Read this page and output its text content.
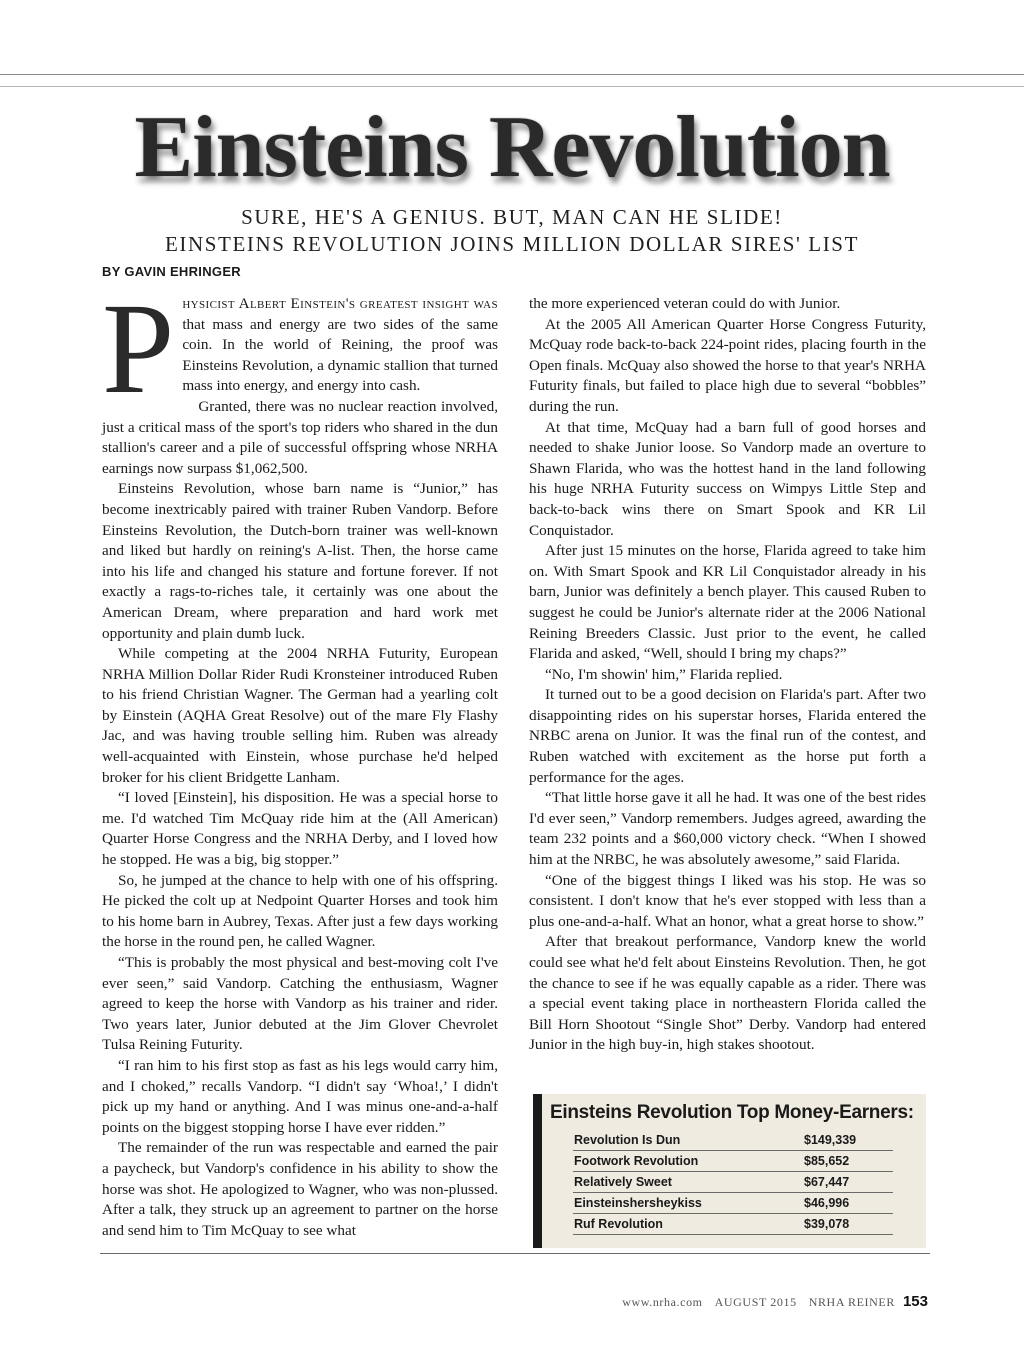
Einsteins Revolution
SURE, HE'S A GENIUS. BUT, MAN CAN HE SLIDE!
EINSTEINS REVOLUTION JOINS MILLION DOLLAR SIRES' LIST
BY GAVIN EHRINGER

Physicist Albert Einstein's greatest insight was that mass and energy are two sides of the same coin. In the world of Reining, the proof was Einsteins Revolution, a dynamic stallion that turned mass into energy, and energy into cash.

Granted, there was no nuclear reaction involved, just a critical mass of the sport's top riders who shared in the dun stallion's career and a pile of successful offspring whose NRHA earnings now surpass $1,062,500.

Einsteins Revolution, whose barn name is “Junior,” has become inextricably paired with trainer Ruben Vandorp. Before Einsteins Revolution, the Dutch-born trainer was well-known and liked but hardly on reining's A-list. Then, the horse came into his life and changed his stature and fortune forever. If not exactly a rags-to-riches tale, it certainly was one about the American Dream, where preparation and hard work met opportunity and plain dumb luck.

While competing at the 2004 NRHA Futurity, European NRHA Million Dollar Rider Rudi Kronsteiner introduced Ruben to his friend Christian Wagner. The German had a yearling colt by Einstein (AQHA Great Resolve) out of the mare Fly Flashy Jac, and was having trouble selling him. Ruben was already well-acquainted with Einstein, whose purchase he'd helped broker for his client Bridgette Lanham.

“I loved [Einstein], his disposition. He was a special horse to me. I'd watched Tim McQuay ride him at the (All American) Quarter Horse Congress and the NRHA Derby, and I loved how he stopped. He was a big, big stopper.”

So, he jumped at the chance to help with one of his offspring. He picked the colt up at Nedpoint Quarter Horses and took him to his home barn in Aubrey, Texas. After just a few days working the horse in the round pen, he called Wagner.

“This is probably the most physical and best-moving colt I've ever seen,” said Vandorp. Catching the enthusiasm, Wagner agreed to keep the horse with Vandorp as his trainer and rider. Two years later, Junior debuted at the Jim Glover Chevrolet Tulsa Reining Futurity.

“I ran him to his first stop as fast as his legs would carry him, and I choked,” recalls Vandorp. “I didn't say ‘Whoa!,’ I didn't pick up my hand or anything. And I was minus one-and-a-half points on the biggest stopping horse I have ever ridden.”

The remainder of the run was respectable and earned the pair a paycheck, but Vandorp's confidence in his ability to show the horse was shot. He apologized to Wagner, who was non-plussed. After a talk, they struck up an agreement to partner on the horse and send him to Tim McQuay to see what

the more experienced veteran could do with Junior.

At the 2005 All American Quarter Horse Congress Futurity, McQuay rode back-to-back 224-point rides, placing fourth in the Open finals. McQuay also showed the horse to that year's NRHA Futurity finals, but failed to place high due to several “bobbles” during the run.

At that time, McQuay had a barn full of good horses and needed to shake Junior loose. So Vandorp made an overture to Shawn Flarida, who was the hottest hand in the land following his huge NRHA Futurity success on Wimpys Little Step and back-to-back wins there on Smart Spook and KR Lil Conquistador.

After just 15 minutes on the horse, Flarida agreed to take him on. With Smart Spook and KR Lil Conquistador already in his barn, Junior was definitely a bench player. This caused Ruben to suggest he could be Junior's alternate rider at the 2006 National Reining Breeders Classic. Just prior to the event, he called Flarida and asked, “Well, should I bring my chaps?”

“No, I'm showin' him,” Flarida replied.

It turned out to be a good decision on Flarida's part. After two disappointing rides on his superstar horses, Flarida entered the NRBC arena on Junior. It was the final run of the contest, and Ruben watched with excitement as the horse put forth a performance for the ages.

“That little horse gave it all he had. It was one of the best rides I'd ever seen,” Vandorp remembers. Judges agreed, awarding the team 232 points and a $60,000 victory check. “When I showed him at the NRBC, he was absolutely awesome,” said Flarida.

“One of the biggest things I liked was his stop. He was so consistent. I don't know that he's ever stopped with less than a plus one-and-a-half. What an honor, what a great horse to show.”

After that breakout performance, Vandorp knew the world could see what he'd felt about Einsteins Revolution. Then, he got the chance to see if he was equally capable as a rider. There was a special event taking place in northeastern Florida called the Bill Horn Shootout “Single Shot” Derby. Vandorp had entered Junior in the high buy-in, high stakes shootout.

Einsteins Revolution Top Money-Earners:
Revolution Is Dun	$149,339
Footwork Revolution	$85,652
Relatively Sweet	$67,447
Einsteinshersheykiss	$46,996
Ruf Revolution	$39,078
www.nrha.com AUGUST 2015 NRHA REINER 153
